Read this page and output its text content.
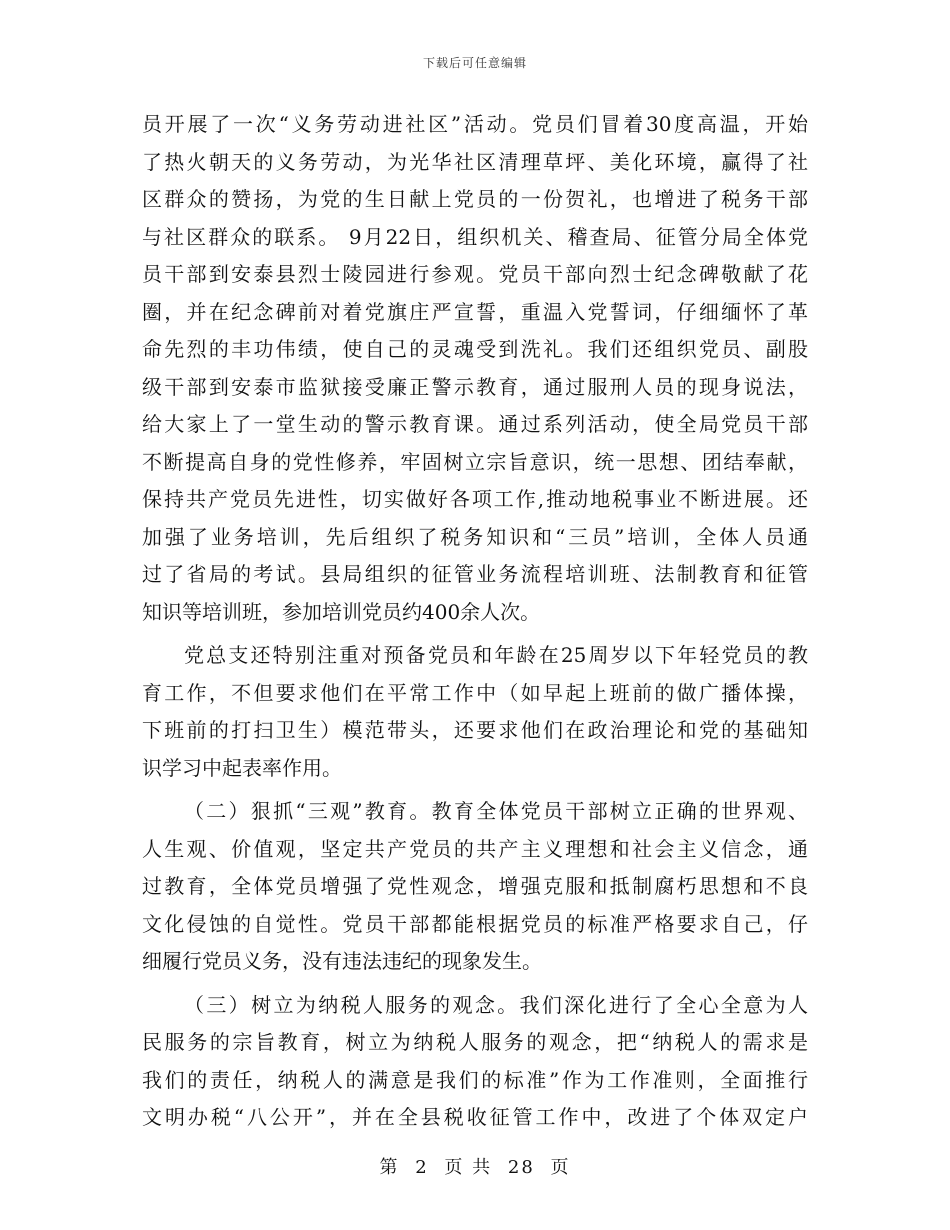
下载后可任意编辑
员开展了一次“义务劳动进社区”活动。党员们冒着30度高温，开始
了热火朝天的义务劳动，为光华社区清理草坪、美化环境，赢得了社
区群众的赞扬，为党的生日献上党员的一份贺礼，也增进了税务干部
与社区群众的联系。 9月22日，组织机关、稽查局、征管分局全体党
员干部到安泰县烈士陵园进行参观。党员干部向烈士纪念碑敬献了花
圈，并在纪念碑前对着党旗庄严宣誓，重温入党誓词，仔细缅怀了革
命先烈的丰功伟绩，使自己的灵魂受到洗礼。我们还组织党员、副股
级干部到安泰市监狱接受廉正警示教育，通过服刑人员的现身说法，
给大家上了一堂生动的警示教育课。通过系列活动，使全局党员干部
不断提高自身的党性修养，牢固树立宗旨意识，统一思想、团结奉献，
保持共产党员先进性，切实做好各项工作,推动地税事业不断进展。还
加强了业务培训，先后组织了税务知识和“三员”培训，全体人员通
过了省局的考试。县局组织的征管业务流程培训班、法制教育和征管
知识等培训班，参加培训党员约400余人次。
党总支还特别注重对预备党员和年龄在25周岁以下年轻党员的教
育工作，不但要求他们在平常工作中（如早起上班前的做广播体操，
下班前的打扫卫生）模范带头，还要求他们在政治理论和党的基础知
识学习中起表率作用。
（二）狠抓“三观”教育。教育全体党员干部树立正确的世界观、
人生观、价值观，坚定共产党员的共产主义理想和社会主义信念，通
过教育，全体党员增强了党性观念，增强克服和抵制腐朽思想和不良
文化侵蚀的自觉性。党员干部都能根据党员的标准严格要求自己，仔
细履行党员义务，没有违法违纪的现象发生。
（三）树立为纳税人服务的观念。我们深化进行了全心全意为人
民服务的宗旨教育，树立为纳税人服务的观念，把“纳税人的需求是
我们的责任，纳税人的满意是我们的标准”作为工作准则，全面推行
文明办税“八公开”，并在全县税收征管工作中，改进了个体双定户
第 2 页 共 28 页
